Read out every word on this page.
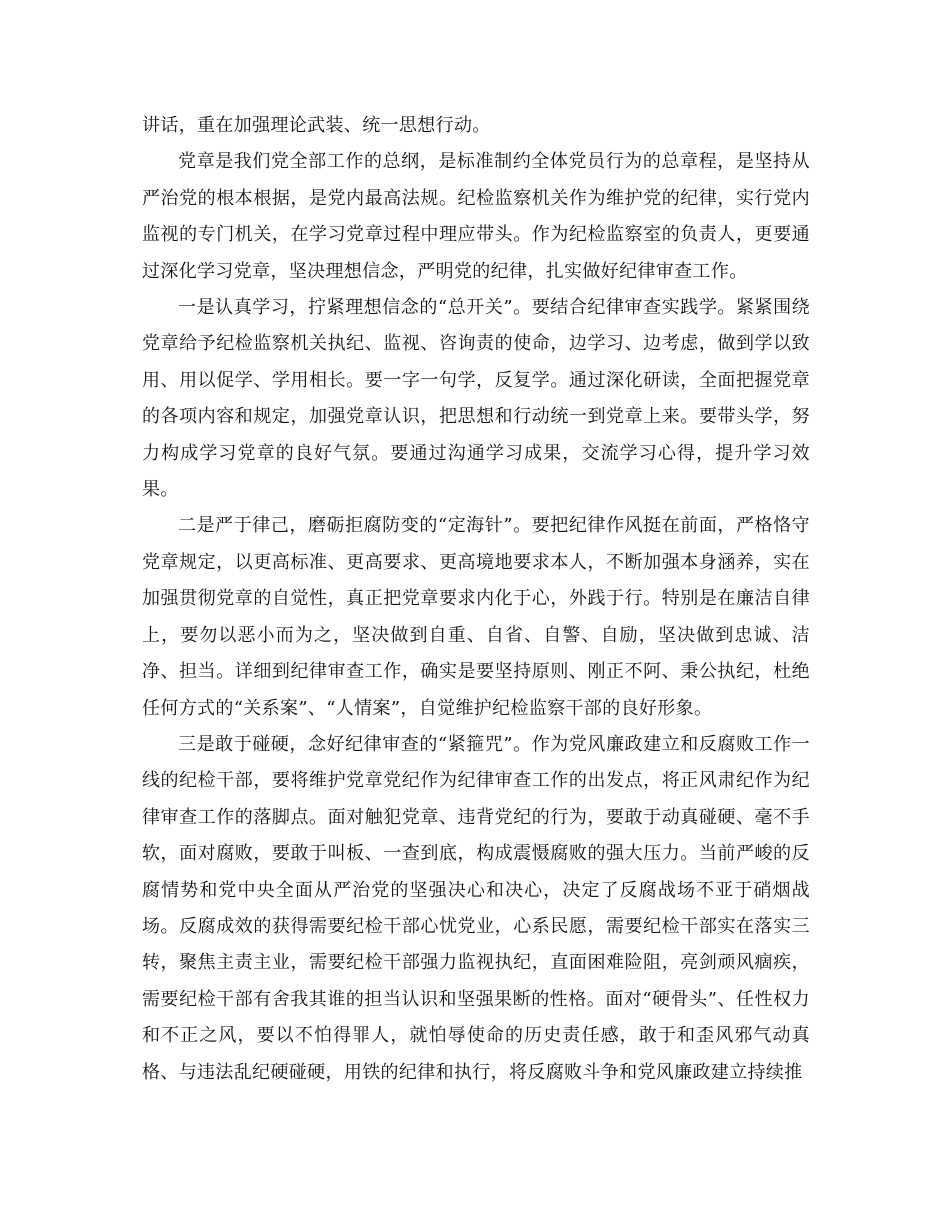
讲话，重在加强理论武装、统一思想行动。

党章是我们党全部工作的总纲，是标准制约全体党员行为的总章程，是坚持从严治党的根本根据，是党内最高法规。纪检监察机关作为维护党的纪律，实行党内监视的专门机关，在学习党章过程中理应带头。作为纪检监察室的负责人，更要通过深化学习党章，坚决理想信念，严明党的纪律，扎实做好纪律审查工作。

一是认真学习，拧紧理想信念的“总开关”。要结合纪律审查实践学。紧紧围绕党章给予纪检监察机关执纪、监视、咨询责的使命，边学习、边考虑，做到学以致用、用以促学、学用相长。要一字一句学，反复学。通过深化研读，全面把握党章的各项内容和规定，加强党章认识，把思想和行动统一到党章上来。要带头学，努力构成学习党章的良好气氛。要通过沟通学习成果，交流学习心得，提升学习效果。

二是严于律己，磨砺拒腐防变的“定海针”。要把纪律作风挺在前面，严格恪守党章规定，以更高标准、更高要求、更高境地要求本人，不断加强本身涵养，实在加强贯彻党章的自觉性，真正把党章要求内化于心，外践于行。特别是在廉洁自律上，要勿以恶小而为之，坚决做到自重、自省、自警、自励，坚决做到忠诚、洁净、担当。详细到纪律审查工作，确实是要坚持原则、刚正不阿、秉公执纪，杜绝任何方式的“关系案”、“人情案”，自觉维护纪检监察干部的良好形象。

三是敢于碰硬，念好纪律审查的“紧箍咒”。作为党风廉政建立和反腐败工作一线的纪检干部，要将维护党章党纪作为纪律审查工作的出发点，将正风肃纪作为纪律审查工作的落脚点。面对触犯党章、违背党纪的行为，要敢于动真碰硬、毫不手软，面对腐败，要敢于叫板、一查到底，构成震慑腐败的强大压力。当前严峻的反腐情势和党中央全面从严治党的坚强决心和决心，决定了反腐战场不亚于硝烟战场。反腐成效的获得需要纪检干部心忧党业，心系民愿，需要纪检干部实在落实三转，聚焦主责主业，需要纪检干部强力监视执纪，直面困难险阻，亮剑顽风痼疾，需要纪检干部有舍我其谁的担当认识和坚强果断的性格。面对“硬骨头”、任性权力和不正之风，要以不怕得罪人，就怕辱使命的历史责任感，敢于和歪风邪气动真格、与违法乱纪硬碰硬，用铁的纪律和执行，将反腐败斗争和党风廉政建立持续推
